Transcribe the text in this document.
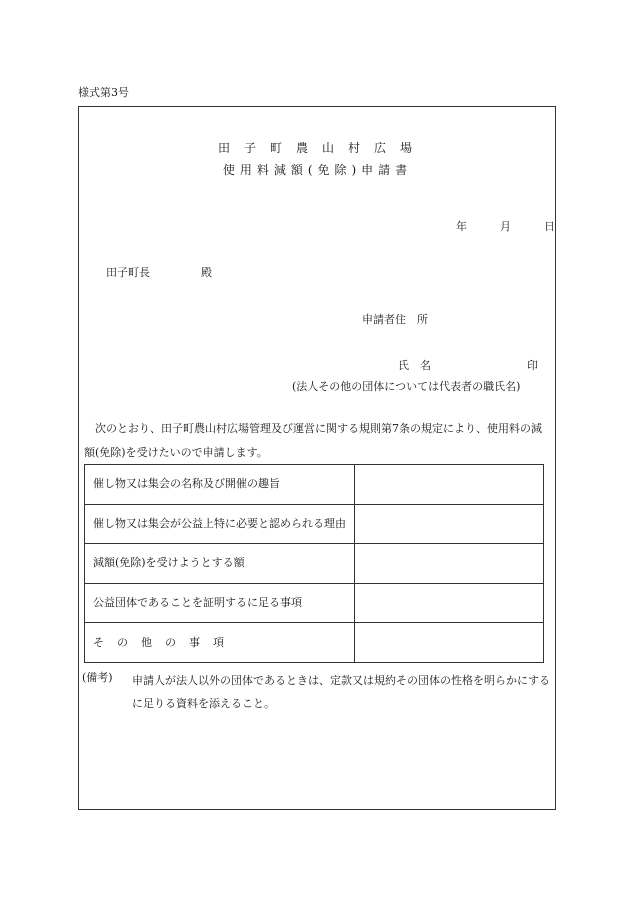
様式第3号
田子町農山村広場
使用料減額(免除)申請書
年	月	日
田子町長	殿
申請者住　所
氏　名	印
(法人その他の団体については代表者の職氏名)
次のとおり、田子町農山村広場管理及び運営に関する規則第7条の規定により、使用料の減額(免除)を受けたいので申請します。
催し物又は集会の名称及び開催の趣旨	
催し物又は集会が公益上特に必要と認められる理由	
減額(免除)を受けようとする額	
公益団体であることを証明するに足る事項	
その他の事項	
(備考) 申請人が法人以外の団体であるときは、定款又は規約その団体の性格を明らかにするに足りる資料を添えること。
